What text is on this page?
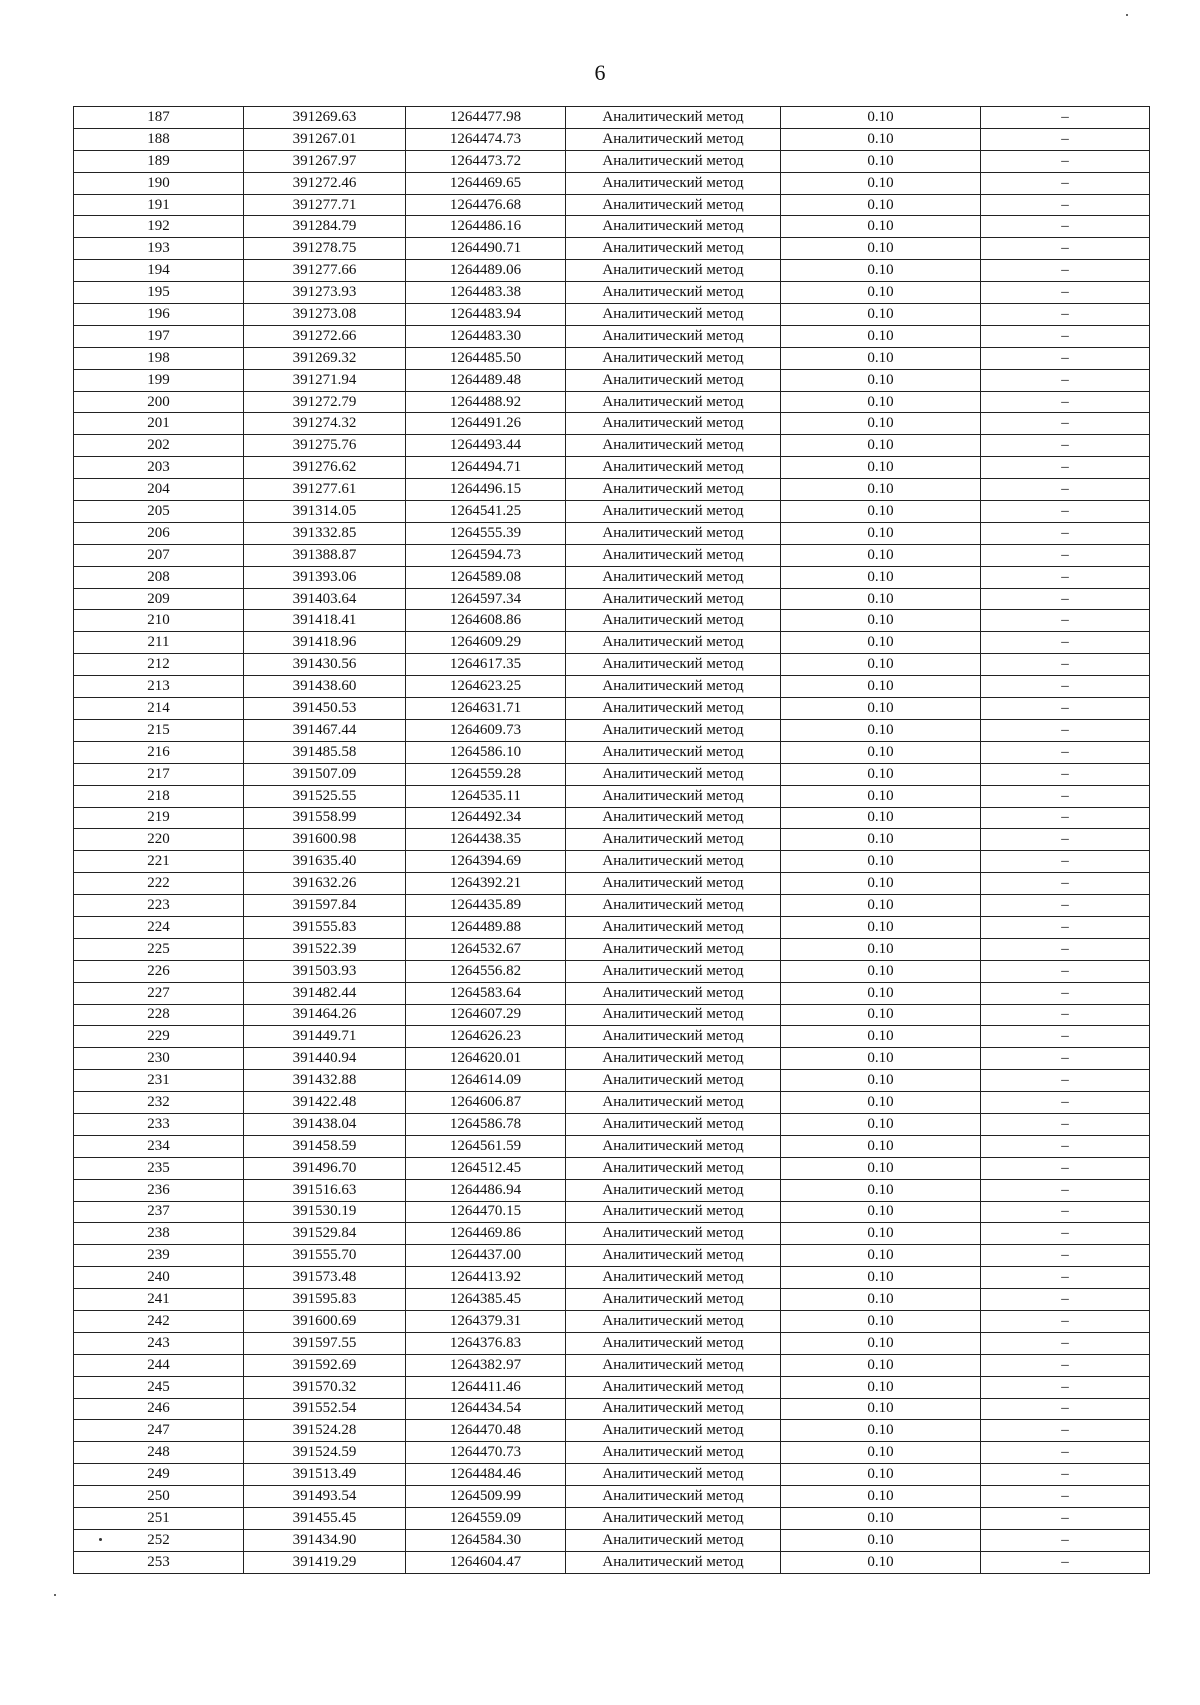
6
187	391269.63	1264477.98	Аналитический метод	0.10	–
188	391267.01	1264474.73	Аналитический метод	0.10	–
189	391267.97	1264473.72	Аналитический метод	0.10	–
190	391272.46	1264469.65	Аналитический метод	0.10	–
191	391277.71	1264476.68	Аналитический метод	0.10	–
192	391284.79	1264486.16	Аналитический метод	0.10	–
193	391278.75	1264490.71	Аналитический метод	0.10	–
194	391277.66	1264489.06	Аналитический метод	0.10	–
195	391273.93	1264483.38	Аналитический метод	0.10	–
196	391273.08	1264483.94	Аналитический метод	0.10	–
197	391272.66	1264483.30	Аналитический метод	0.10	–
198	391269.32	1264485.50	Аналитический метод	0.10	–
199	391271.94	1264489.48	Аналитический метод	0.10	–
200	391272.79	1264488.92	Аналитический метод	0.10	–
201	391274.32	1264491.26	Аналитический метод	0.10	–
202	391275.76	1264493.44	Аналитический метод	0.10	–
203	391276.62	1264494.71	Аналитический метод	0.10	–
204	391277.61	1264496.15	Аналитический метод	0.10	–
205	391314.05	1264541.25	Аналитический метод	0.10	–
206	391332.85	1264555.39	Аналитический метод	0.10	–
207	391388.87	1264594.73	Аналитический метод	0.10	–
208	391393.06	1264589.08	Аналитический метод	0.10	–
209	391403.64	1264597.34	Аналитический метод	0.10	–
210	391418.41	1264608.86	Аналитический метод	0.10	–
211	391418.96	1264609.29	Аналитический метод	0.10	–
212	391430.56	1264617.35	Аналитический метод	0.10	–
213	391438.60	1264623.25	Аналитический метод	0.10	–
214	391450.53	1264631.71	Аналитический метод	0.10	–
215	391467.44	1264609.73	Аналитический метод	0.10	–
216	391485.58	1264586.10	Аналитический метод	0.10	–
217	391507.09	1264559.28	Аналитический метод	0.10	–
218	391525.55	1264535.11	Аналитический метод	0.10	–
219	391558.99	1264492.34	Аналитический метод	0.10	–
220	391600.98	1264438.35	Аналитический метод	0.10	–
221	391635.40	1264394.69	Аналитический метод	0.10	–
222	391632.26	1264392.21	Аналитический метод	0.10	–
223	391597.84	1264435.89	Аналитический метод	0.10	–
224	391555.83	1264489.88	Аналитический метод	0.10	–
225	391522.39	1264532.67	Аналитический метод	0.10	–
226	391503.93	1264556.82	Аналитический метод	0.10	–
227	391482.44	1264583.64	Аналитический метод	0.10	–
228	391464.26	1264607.29	Аналитический метод	0.10	–
229	391449.71	1264626.23	Аналитический метод	0.10	–
230	391440.94	1264620.01	Аналитический метод	0.10	–
231	391432.88	1264614.09	Аналитический метод	0.10	–
232	391422.48	1264606.87	Аналитический метод	0.10	–
233	391438.04	1264586.78	Аналитический метод	0.10	–
234	391458.59	1264561.59	Аналитический метод	0.10	–
235	391496.70	1264512.45	Аналитический метод	0.10	–
236	391516.63	1264486.94	Аналитический метод	0.10	–
237	391530.19	1264470.15	Аналитический метод	0.10	–
238	391529.84	1264469.86	Аналитический метод	0.10	–
239	391555.70	1264437.00	Аналитический метод	0.10	–
240	391573.48	1264413.92	Аналитический метод	0.10	–
241	391595.83	1264385.45	Аналитический метод	0.10	–
242	391600.69	1264379.31	Аналитический метод	0.10	–
243	391597.55	1264376.83	Аналитический метод	0.10	–
244	391592.69	1264382.97	Аналитический метод	0.10	–
245	391570.32	1264411.46	Аналитический метод	0.10	–
246	391552.54	1264434.54	Аналитический метод	0.10	–
247	391524.28	1264470.48	Аналитический метод	0.10	–
248	391524.59	1264470.73	Аналитический метод	0.10	–
249	391513.49	1264484.46	Аналитический метод	0.10	–
250	391493.54	1264509.99	Аналитический метод	0.10	–
251	391455.45	1264559.09	Аналитический метод	0.10	–
252	391434.90	1264584.30	Аналитический метод	0.10	–
253	391419.29	1264604.47	Аналитический метод	0.10	–
